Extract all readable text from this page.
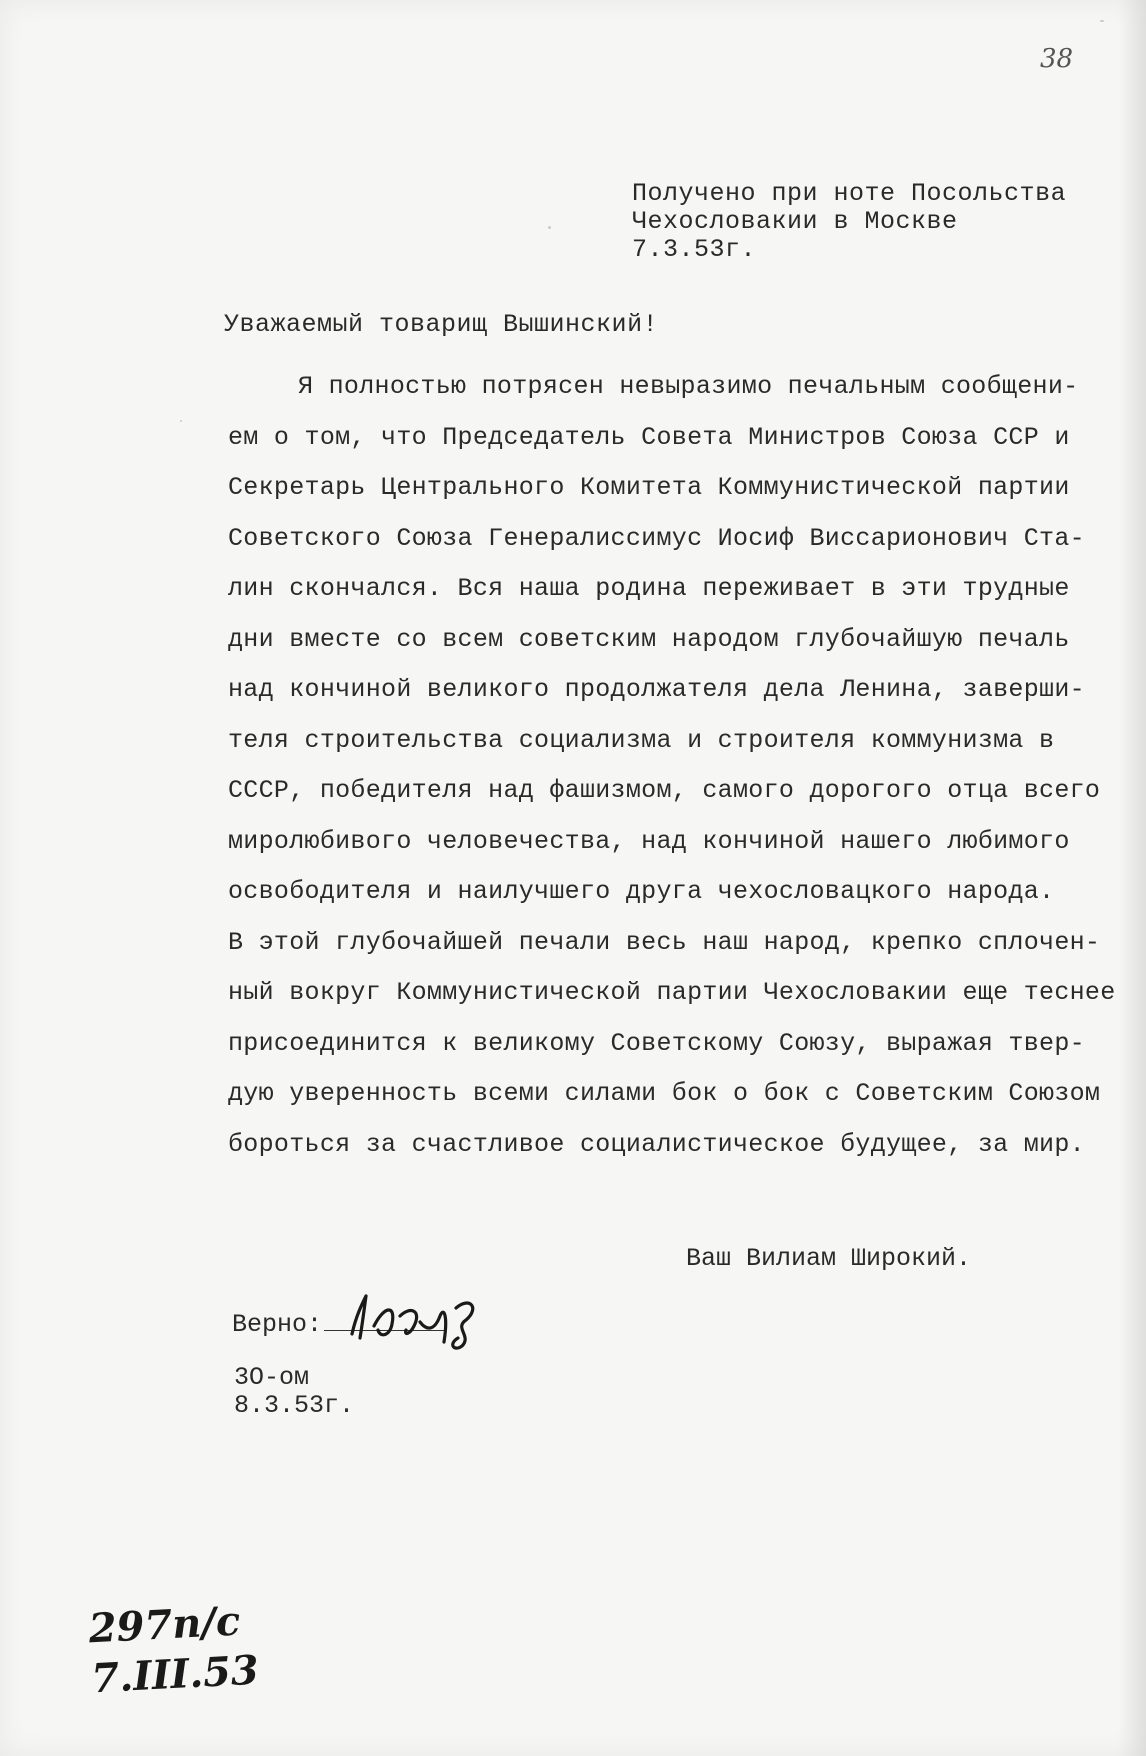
38
Получено при ноте Посольства
Чехословакии в Москве
7.3.53г.
Уважаемый товарищ Вышинский!
Я полностью потрясен невыразимо печальным сообщени-
ем о том, что Председатель Совета Министров Союза ССР и
Секретарь Центрального Комитета Коммунистической партии
Советского Союза Генералиссимус Иосиф Виссарионович Ста-
лин скончался. Вся наша родина переживает в эти трудные
дни вместе со всем советским народом глубочайшую печаль
над кончиной великого продолжателя дела Ленина, заверши-
теля строительства социализма и строителя коммунизма в
СССР, победителя над фашизмом, самого дорогого отца всего
миролюбивого человечества, над кончиной нашего любимого
освободителя и наилучшего друга чехословацкого народа.
В этой глубочайшей печали весь наш народ, крепко сплочен-
ный вокруг Коммунистической партии Чехословакии еще теснее
присоединится к великому Советскому Союзу, выражая твер-
дую уверенность всеми силами бок о бок с Советским Союзом
бороться за счастливое социалистическое будущее, за мир.
Ваш Вилиам Широкий.
Верно:
3О-ом
8.3.53г.
297п/с
7.III.53
